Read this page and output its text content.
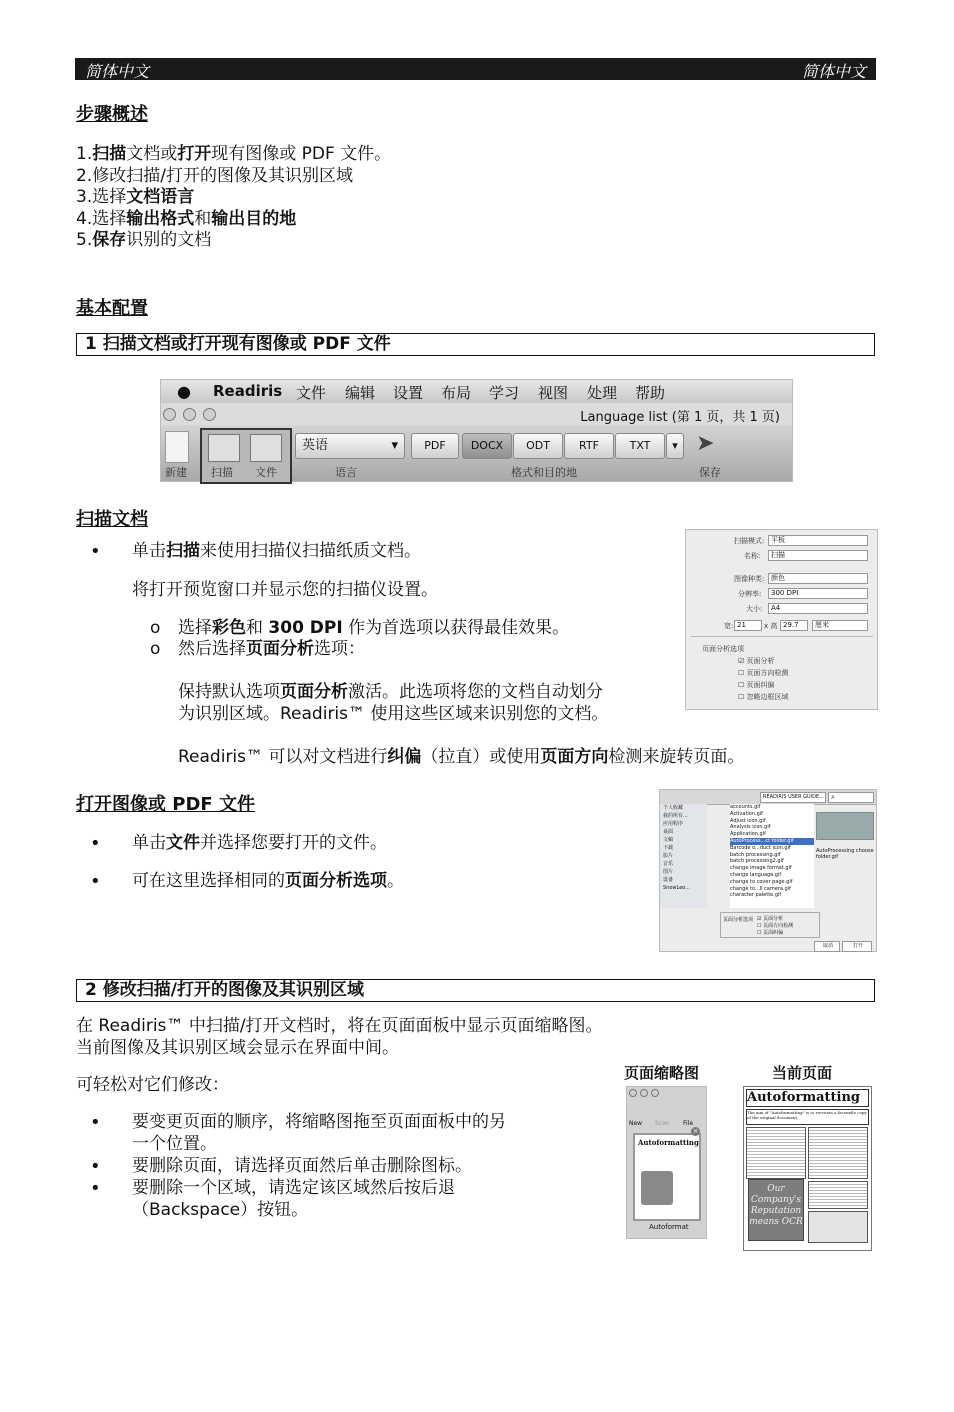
简体中文	简体中文
步骤概述
1.扫描文档或打开现有图像或 PDF 文件。
2.修改扫描/打开的图像及其识别区域
3.选择文档语言
4.选择输出格式和输出目的地
5.保存识别的文档
基本配置
1 扫描文档或打开现有图像或 PDF 文件
● Readiris 文件 编辑 设置 布局 学习 视图 处理 帮助
Language list (第 1 页，共 1 页)
英语	▾	PDF	DOCX	ODT	RTF	TXT	▾ ➤
新建 扫描 文件	语言	格式和目的地	保存
扫描文档
• 单击扫描来使用扫描仪扫描纸质文档。
将打开预览窗口并显示您的扫描仪设置。
o 选择彩色和 300 DPI 作为首选项以获得最佳效果。
o 然后选择页面分析选项：
保持默认选项页面分析激活。此选项将您的文档自动划分
为识别区域。Readiris™ 使用这些区域来识别您的文档。
Readiris™ 可以对文档进行纠偏（拉直）或使用页面方向检测来旋转页面。
扫描模式: 平板
名称:	扫描
图像种类: 颜色
分辨率:	300 DPI
大小:	A4
宽: 21	x 高 29.7	厘米
页面分析选项
☑ 页面分析
☐ 页面方向检测
☐ 页面纠偏
☐ 忽略边框区域
打开图像或 PDF 文件
• 单击文件并选择您要打开的文件。
• 可在这里选择相同的页面分析选项。
READIRIS USER GUIDE...	⌕
个人收藏
我的所有...
应用程序
桌面
文稿
下载
影片
音乐
图片
设备
SnowLeo...
accounts.gif
Activation.gif
Adjust icon.gif
Analysis icon.gif
Application.gif
AutoProcess...ct folder.gif
Barcode o...duct icon.gif
batch processing.gif
batch processing2.gif
change image format.gif
change language.gif
change to cover page.gif
change to...ll camera.gif
character palette.gif
AutoProcessing choose folder.gif
页面分析选项 ☑ 页面分析
☐ 页面方向检测
☐ 页面纠偏
取消	打开
2 修改扫描/打开的图像及其识别区域
在 Readiris™ 中扫描/打开文档时，将在页面面板中显示页面缩略图。
当前图像及其识别区域会显示在界面中间。
可轻松对它们修改：
• 要变更页面的顺序，将缩略图拖至页面面板中的另
一个位置。
• 要删除页面，请选择页面然后单击删除图标。
• 要删除一个区域，请选定该区域然后按后退
（Backspace）按钮。
页面缩略图	当前页面
New Scan File
Autoformatting
×
Autoformat
Autoformatting
The aim of "Autoformatting" is to recreate a facsimile copy of the original document.
Our Company's Reputation means OCR
